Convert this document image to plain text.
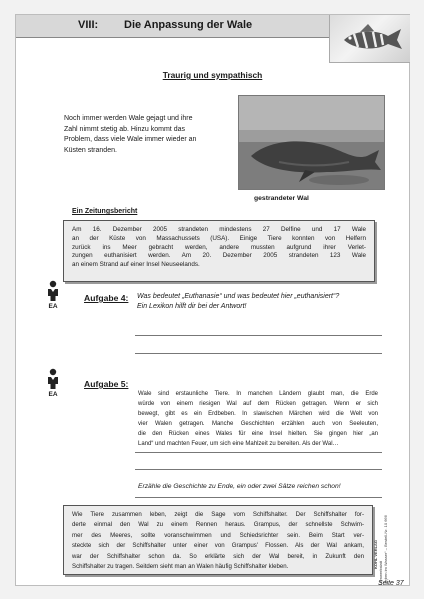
VIII: Die Anpassung der Wale
Traurig und sympathisch
Noch immer werden Wale gejagt und ihre
Zahl nimmt stetig ab. Hinzu kommt das
Problem, dass viele Wale immer wieder an
Küsten stranden.
gestrandeter Wal
Ein Zeitungsbericht
Am 16. Dezember 2005 strandeten mindestens 27 Delfine und 17 Wale
an der Küste von Massachussets (USA). Einige Tiere konnten von Helfern
zurück ins Meer gebracht werden, andere mussten aufgrund ihrer Verlet-
zungen euthanisiert werden. Am 20. Dezember 2005 strandeten 123 Wale
an einem Strand auf einer Insel Neuseelands.
EA
Aufgabe 4: Was bedeutet „Euthanasie“ und was bedeutet hier „euthanisiert“?
Ein Lexikon hilft dir bei der Antwort!
EA
Aufgabe 5:
Wale sind erstaunliche Tiere. In manchen Ländern glaubt man, die Erde
würde von einem riesigen Wal auf dem Rücken getragen. Wenn er sich
bewegt, gibt es ein Erdbeben. In slawischen Märchen wird die Welt von
vier Walen getragen. Manche Geschichten erzählen auch von Seeleuten,
die den Rücken eines Wales für eine Insel hielten. Sie gingen hier „an
Land“ und machten Feuer, um sich eine Mahlzeit zu bereiten. Als der Wal…
Erzähle die Geschichte zu Ende, ein oder zwei Sätze reichen schon!
Wie Tiere zusammen leben, zeigt die Sage vom Schiffshalter. Der Schiffshalter for-
derte einmal den Wal zu einem Rennen heraus. Grampus, der schnellste Schwim-
mer des Meeres, sollte voranschwimmen und Schiedsrichter sein. Beim Start ver-
steckte sich der Schiffshalter unter einer von Grampus' Flossen. Als der Wal ankam,
war der Schiffshalter schon da. So erklärte sich der Wal bereit, in Zukunft den
Schiffshalter zu tragen. Seitdem sieht man an Walen häufig Schiffshalter kleben.	Lernwerkstatt „Leben im Wasser“ – Bestell-Nr. 10 666
KOHL VERLAG
Seite 37
